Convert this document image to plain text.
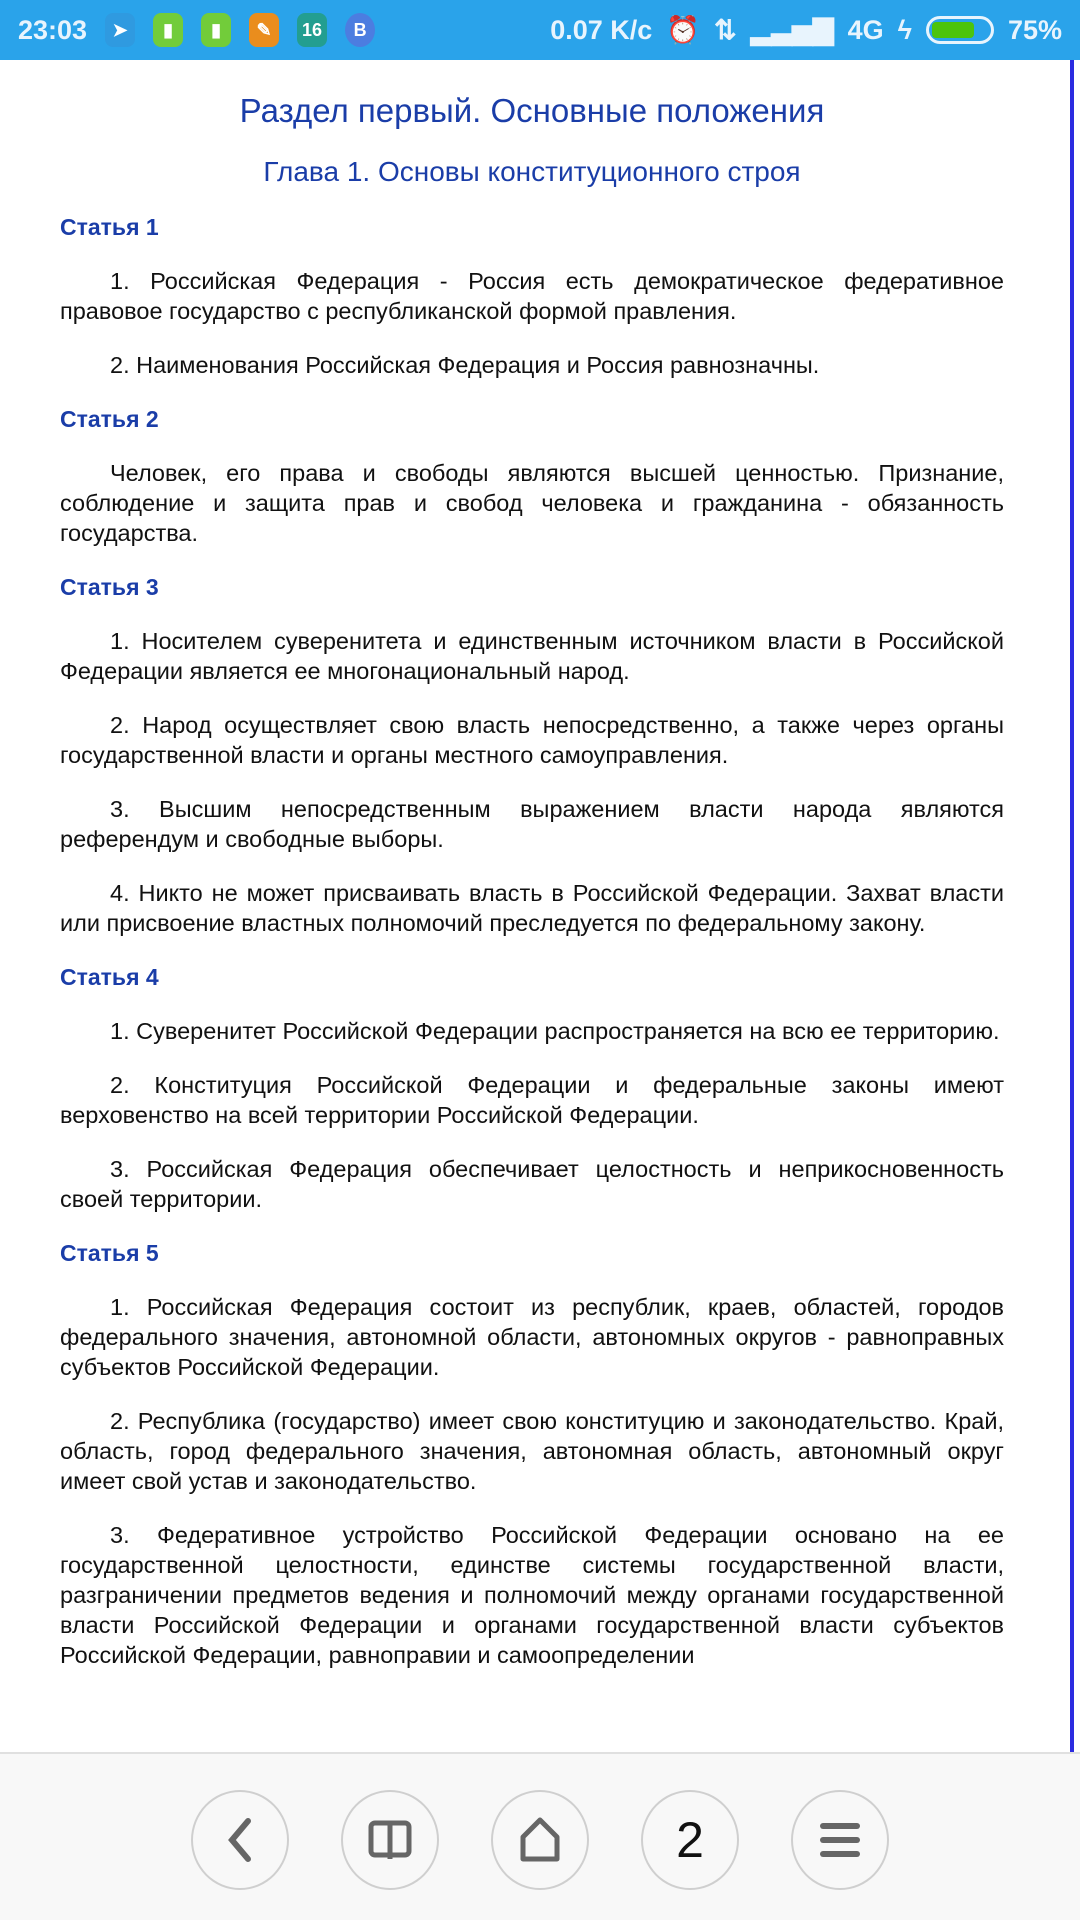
23:03	➤	▮	▮	✎	16	В	0.07 K/c ⏰ ⇅ ▂▃▅▇ 4G ϟ	75%
Раздел первый. Основные положения
Глава 1. Основы конституционного строя
Статья 1

1. Российская Федерация - Россия есть демократическое федеративное правовое государство с республиканской формой правления.

2. Наименования Российская Федерация и Россия равнозначны.

Статья 2

Человек, его права и свободы являются высшей ценностью. Признание, соблюдение и защита прав и свобод человека и гражданина - обязанность государства.

Статья 3

1. Носителем суверенитета и единственным источником власти в Российской Федерации является ее многонациональный народ.

2. Народ осуществляет свою власть непосредственно, а также через органы государственной власти и органы местного самоуправления.

3. Высшим непосредственным выражением власти народа являются референдум и свободные выборы.

4. Никто не может присваивать власть в Российской Федерации. Захват власти или присвоение властных полномочий преследуется по федеральному закону.

Статья 4

1. Суверенитет Российской Федерации распространяется на всю ее территорию.

2. Конституция Российской Федерации и федеральные законы имеют верховенство на всей территории Российской Федерации.

3. Российская Федерация обеспечивает целостность и неприкосновенность своей территории.

Статья 5

1. Российская Федерация состоит из республик, краев, областей, городов федерального значения, автономной области, автономных округов - равноправных субъектов Российской Федерации.

2. Республика (государство) имеет свою конституцию и законодательство. Край, область, город федерального значения, автономная область, автономный округ имеет свой устав и законодательство.

3. Федеративное устройство Российской Федерации основано на ее государственной целостности, единстве системы государственной власти, разграничении предметов ведения и полномочий между органами государственной власти Российской Федерации и органами государственной власти субъектов Российской Федерации, равноправии и самоопределении

2
